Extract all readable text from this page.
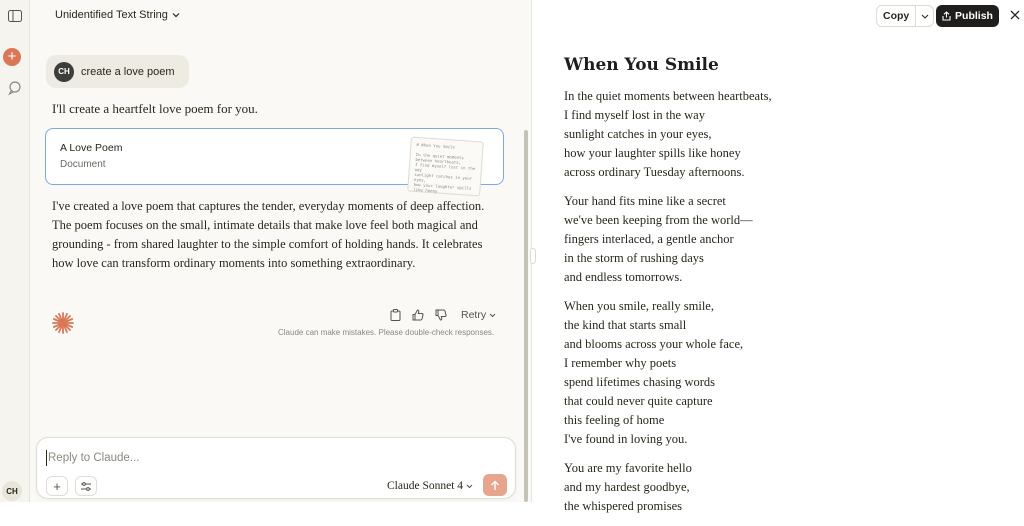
+
CH
Unidentified Text String
CH	create a love poem
I'll create a heartfelt love poem for you.
A Love Poem
Document
# When You Smile

In the quiet moments
between heartbeats,
I find myself lost in the
way
sunlight catches in your
eyes,
how your laughter spills
like honey
I've created a love poem that captures the tender, everyday moments of deep affection. The poem focuses on the small, intimate details that make love feel both magical and grounding - from shared laughter to the simple comfort of holding hands. It celebrates how love can transform ordinary moments into something extraordinary.
Retry
Claude can make mistakes. Please double-check responses.
Reply to Claude...
+	Claude Sonnet 4
Copy	Publish
When You Smile
In the quiet moments between heartbeats,
I find myself lost in the way
sunlight catches in your eyes,
how your laughter spills like honey
across ordinary Tuesday afternoons.
Your hand fits mine like a secret
we've been keeping from the world—
fingers interlaced, a gentle anchor
in the storm of rushing days
and endless tomorrows.
When you smile, really smile,
the kind that starts small
and blooms across your whole face,
I remember why poets
spend lifetimes chasing words
that could never quite capture
this feeling of home
I've found in loving you.
You are my favorite hello
and my hardest goodbye,
the whispered promises
